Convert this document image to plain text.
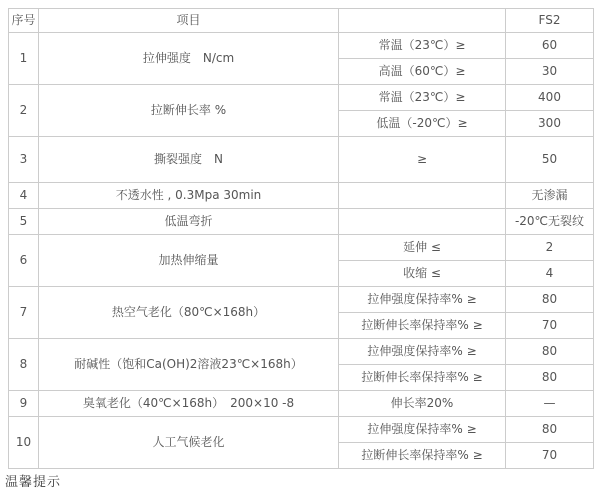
序号	项目		FS2
1	拉伸强度　N/cm	常温（23℃）≥	60
		高温（60℃）≥	30
2	拉断伸长率 %	常温（23℃）≥	400
		低温（-20℃）≥	300
3	撕裂强度　N	≥	50
4	不透水性 , 0.3Mpa 30min		无渗漏
5	低温弯折		-20℃无裂纹
6	加热伸缩量	延伸 ≤	2
		收缩 ≤	4
7	热空气老化（80℃×168h）	拉伸强度保持率% ≥	80
		拉断伸长率保持率% ≥	70
8	耐碱性（饱和Ca(OH)2溶液23℃×168h）	拉伸强度保持率% ≥	80
		拉断伸长率保持率% ≥	80
9	臭氧老化（40℃×168h）　200×10 -8	伸长率20%	—
10	人工气候老化	拉伸强度保持率% ≥	80
		拉断伸长率保持率% ≥	70
温馨提示
